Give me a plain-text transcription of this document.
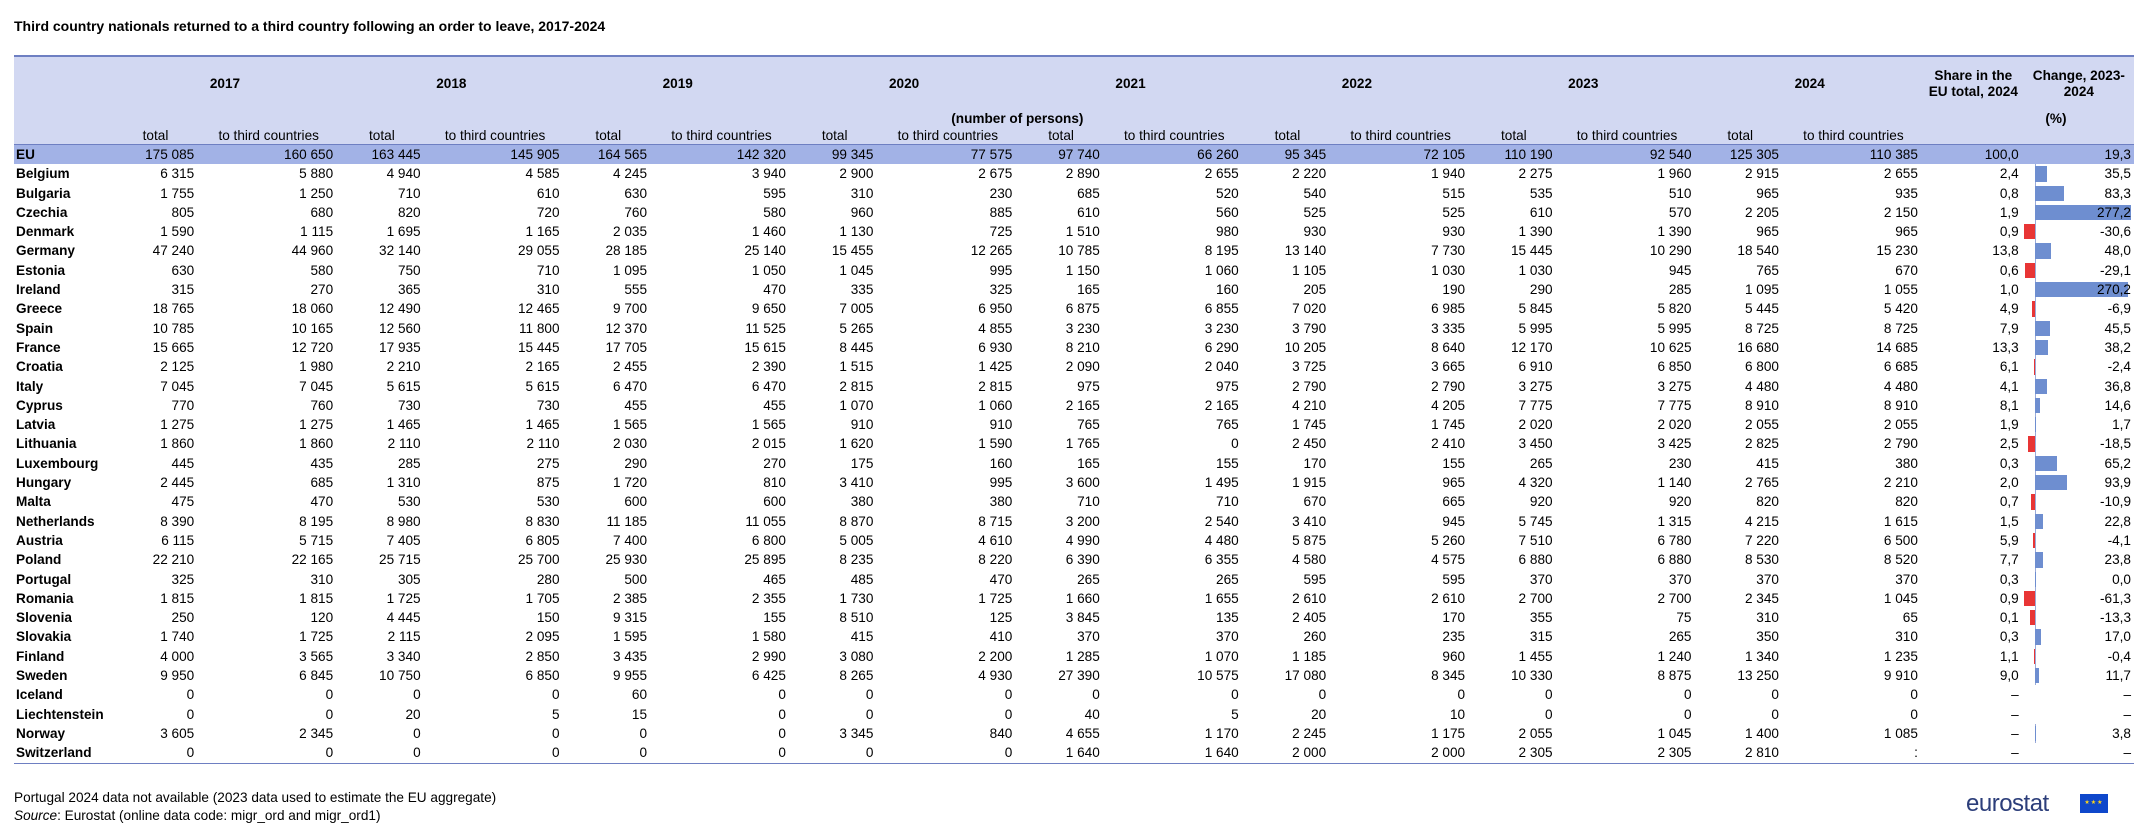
Third country nationals returned to a third country following an order to leave, 2017-2024
	2017		2018		2019		2020		2021		2022		2023		2024		Share in the EU total, 2024	Change, 2023-2024	
	(number of persons)																(%)		
	total	to third countries	total	to third countries	total	to third countries	total	to third countries	total	to third countries	total	to third countries	total	to third countries	total	to third countries			
EU	175 085	160 650	163 445	145 905	164 565	142 320	99 345	77 575	97 740	66 260	95 345	72 105	110 190	92 540	125 305	110 385	100,0	19,3	

Belgium	6 315	5 880	4 940	4 585	4 245	3 940	2 900	2 675	2 890	2 655	2 220	1 940	2 275	1 960	2 915	2 655	2,4	35,5	

Bulgaria	1 755	1 250	710	610	630	595	310	230	685	520	540	515	535	510	965	935	0,8	83,3	

Czechia	805	680	820	720	760	580	960	885	610	560	525	525	610	570	2 205	2 150	1,9	277,2	

Denmark	1 590	1 115	1 695	1 165	2 035	1 460	1 130	725	1 510	980	930	930	1 390	1 390	965	965	0,9	-30,6	

Germany	47 240	44 960	32 140	29 055	28 185	25 140	15 455	12 265	10 785	8 195	13 140	7 730	15 445	10 290	18 540	15 230	13,8	48,0	

Estonia	630	580	750	710	1 095	1 050	1 045	995	1 150	1 060	1 105	1 030	1 030	945	765	670	0,6	-29,1	

Ireland	315	270	365	310	555	470	335	325	165	160	205	190	290	285	1 095	1 055	1,0	270,2	

Greece	18 765	18 060	12 490	12 465	9 700	9 650	7 005	6 950	6 875	6 855	7 020	6 985	5 845	5 820	5 445	5 420	4,9	-6,9	

Spain	10 785	10 165	12 560	11 800	12 370	11 525	5 265	4 855	3 230	3 230	3 790	3 335	5 995	5 995	8 725	8 725	7,9	45,5	

France	15 665	12 720	17 935	15 445	17 705	15 615	8 445	6 930	8 210	6 290	10 205	8 640	12 170	10 625	16 680	14 685	13,3	38,2	

Croatia	2 125	1 980	2 210	2 165	2 455	2 390	1 515	1 425	2 090	2 040	3 725	3 665	6 910	6 850	6 800	6 685	6,1	-2,4	

Italy	7 045	7 045	5 615	5 615	6 470	6 470	2 815	2 815	975	975	2 790	2 790	3 275	3 275	4 480	4 480	4,1	36,8	

Cyprus	770	760	730	730	455	455	1 070	1 060	2 165	2 165	4 210	4 205	7 775	7 775	8 910	8 910	8,1	14,6	

Latvia	1 275	1 275	1 465	1 465	1 565	1 565	910	910	765	765	1 745	1 745	2 020	2 020	2 055	2 055	1,9	1,7	

Lithuania	1 860	1 860	2 110	2 110	2 030	2 015	1 620	1 590	1 765	0	2 450	2 410	3 450	3 425	2 825	2 790	2,5	-18,5	

Luxembourg	445	435	285	275	290	270	175	160	165	155	170	155	265	230	415	380	0,3	65,2	

Hungary	2 445	685	1 310	875	1 720	810	3 410	995	3 600	1 495	1 915	965	4 320	1 140	2 765	2 210	2,0	93,9	

Malta	475	470	530	530	600	600	380	380	710	710	670	665	920	920	820	820	0,7	-10,9	

Netherlands	8 390	8 195	8 980	8 830	11 185	11 055	8 870	8 715	3 200	2 540	3 410	945	5 745	1 315	4 215	1 615	1,5	22,8	

Austria	6 115	5 715	7 405	6 805	7 400	6 800	5 005	4 610	4 990	4 480	5 875	5 260	7 510	6 780	7 220	6 500	5,9	-4,1	

Poland	22 210	22 165	25 715	25 700	25 930	25 895	8 235	8 220	6 390	6 355	4 580	4 575	6 880	6 880	8 530	8 520	7,7	23,8	

Portugal	325	310	305	280	500	465	485	470	265	265	595	595	370	370	370	370	0,3	0,0	

Romania	1 815	1 815	1 725	1 705	2 385	2 355	1 730	1 725	1 660	1 655	2 610	2 610	2 700	2 700	2 345	1 045	0,9	-61,3	

Slovenia	250	120	4 445	150	9 315	155	8 510	125	3 845	135	2 405	170	355	75	310	65	0,1	-13,3	

Slovakia	1 740	1 725	2 115	2 095	1 595	1 580	415	410	370	370	260	235	315	265	350	310	0,3	17,0	

Finland	4 000	3 565	3 340	2 850	3 435	2 990	3 080	2 200	1 285	1 070	1 185	960	1 455	1 240	1 340	1 235	1,1	-0,4	

Sweden	9 950	6 845	10 750	6 850	9 955	6 425	8 265	4 930	27 390	10 575	17 080	8 345	10 330	8 875	13 250	9 910	9,0	11,7	

Iceland	0	0	0	0	60	0	0	0	0	0	0	0	0	0	0	0	–	–	

Liechtenstein	0	0	20	5	15	0	0	0	40	5	20	10	0	0	0	0	–	–	

Norway	3 605	2 345	0	0	0	0	3 345	840	4 655	1 170	2 245	1 175	2 055	1 045	1 400	1 085	–	3,8	

Switzerland	0	0	0	0	0	0	0	0	1 640	1 640	2 000	2 000	2 305	2 305	2 810	:	–	–	
Portugal 2024 data not available (2023 data used to estimate the EU aggregate)
Source: Eurostat (online data code: migr_ord and migr_ord1)	eurostat	★★★
